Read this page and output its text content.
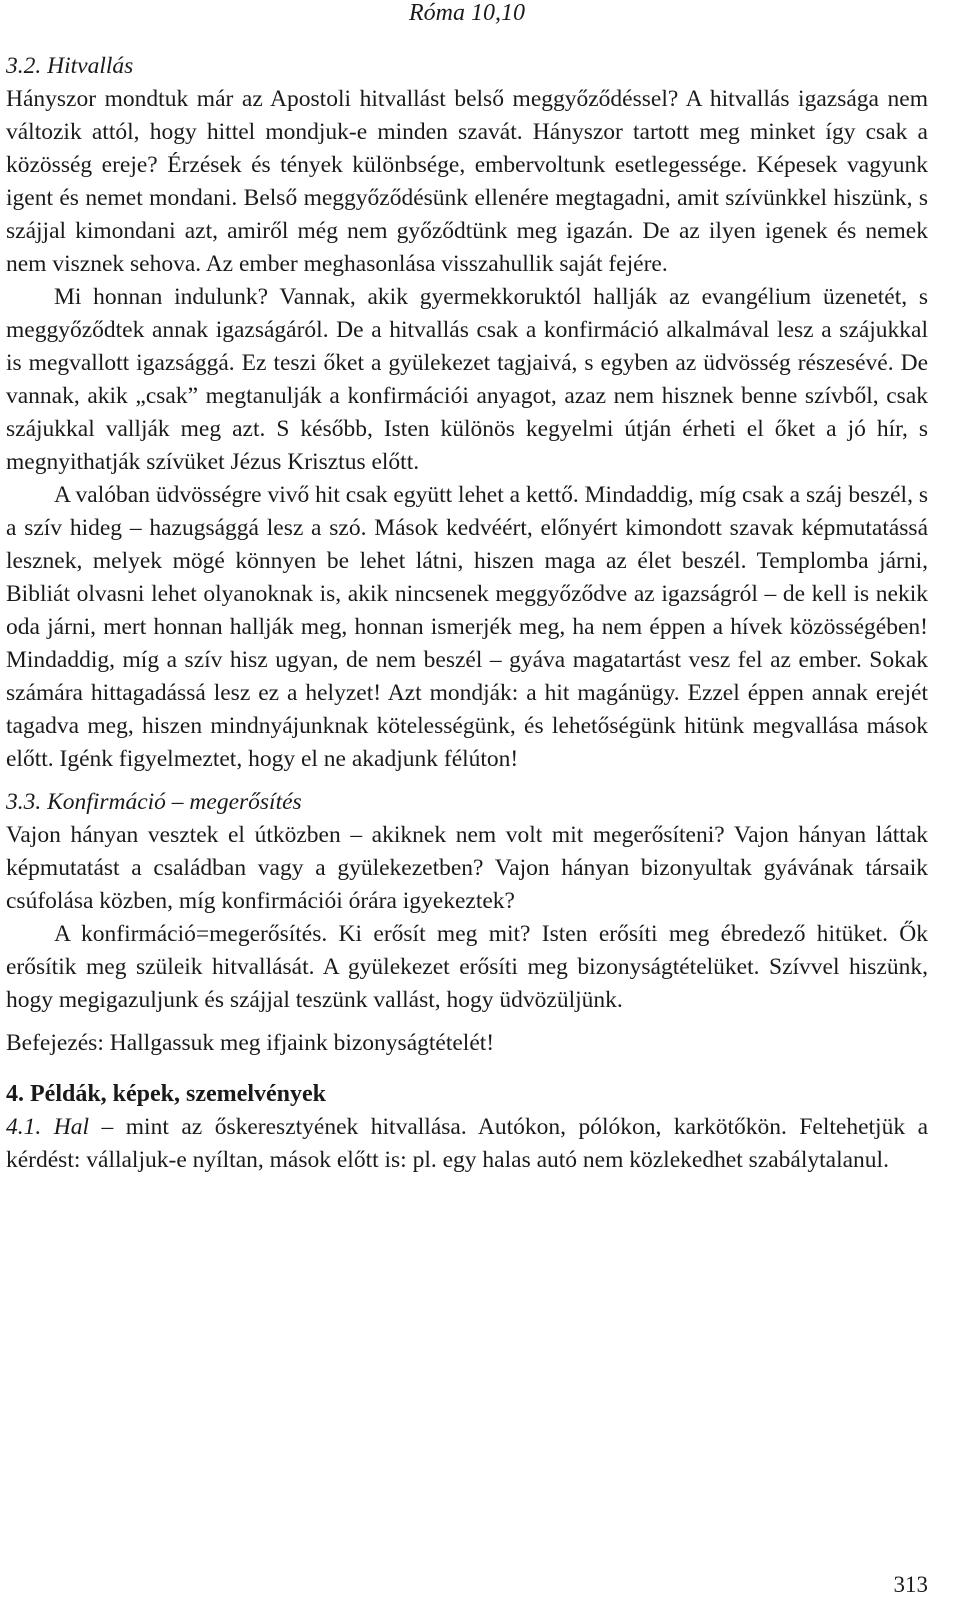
Róma 10,10
3.2. Hitvallás

Hányszor mondtuk már az Apostoli hitvallást belső meggyőződéssel? A hitvallás igazsága nem változik attól, hogy hittel mondjuk-e minden szavát. Hányszor tartott meg minket így csak a közösség ereje? Érzések és tények különbsége, embervoltunk esetlegessége. Képesek vagyunk igent és nemet mondani. Belső meggyőződésünk ellenére megtagadni, amit szívünkkel hiszünk, s szájjal kimondani azt, amiről még nem győződtünk meg igazán. De az ilyen igenek és nemek nem visznek sehova. Az ember meghasonlása visszahullik saját fejére.

Mi honnan indulunk? Vannak, akik gyermekkoruktól hallják az evangélium üzenetét, s meggyőződtek annak igazságáról. De a hitvallás csak a konfirmáció alkalmával lesz a szájukkal is megvallott igazsággá. Ez teszi őket a gyülekezet tagjaivá, s egyben az üdvösség részesévé. De vannak, akik „csak” megtanulják a konfirmációi anyagot, azaz nem hisznek benne szívből, csak szájukkal vallják meg azt. S később, Isten különös kegyelmi útján érheti el őket a jó hír, s megnyithatják szívüket Jézus Krisztus előtt.

A valóban üdvösségre vivő hit csak együtt lehet a kettő. Mindaddig, míg csak a száj beszél, s a szív hideg – hazugsággá lesz a szó. Mások kedvéért, előnyért kimondott szavak képmutatássá lesznek, melyek mögé könnyen be lehet látni, hiszen maga az élet beszél. Templomba járni, Bibliát olvasni lehet olyanoknak is, akik nincsenek meggyőződve az igazságról – de kell is nekik oda járni, mert honnan hallják meg, honnan ismerjék meg, ha nem éppen a hívek közösségében! Mindaddig, míg a szív hisz ugyan, de nem beszél – gyáva magatartást vesz fel az ember. Sokak számára hittagadássá lesz ez a helyzet! Azt mondják: a hit magánügy. Ezzel éppen annak erejét tagadva meg, hiszen mindnyájunknak kötelességünk, és lehetőségünk hitünk megvallása mások előtt. Igénk figyelmeztet, hogy el ne akadjunk félúton!

3.3. Konfirmáció – megerősítés

Vajon hányan vesztek el útközben – akiknek nem volt mit megerősíteni? Vajon hányan láttak képmutatást a családban vagy a gyülekezetben? Vajon hányan bizonyultak gyávának társaik csúfolása közben, míg konfirmációi órára igyekeztek?

A konfirmáció=megerősítés. Ki erősít meg mit? Isten erősíti meg ébredező hitüket. Ők erősítik meg szüleik hitvallását. A gyülekezet erősíti meg bizonyságtételüket. Szívvel hiszünk, hogy megigazuljunk és szájjal teszünk vallást, hogy üdvözüljünk.

Befejezés: Hallgassuk meg ifjaink bizonyságtételét!

4. Példák, képek, szemelvények

4.1. Hal – mint az őskeresztyének hitvallása. Autókon, pólókon, karkötőkön. Feltehetjük a kérdést: vállaljuk-e nyíltan, mások előtt is: pl. egy halas autó nem közlekedhet szabálytalanul.

313
